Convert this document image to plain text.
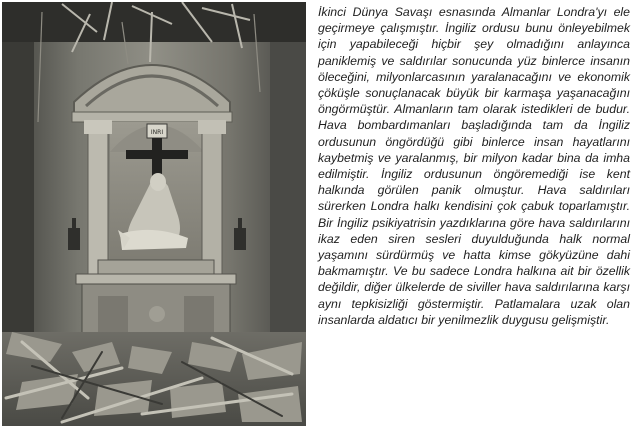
INRI

İkinci Dünya Savaşı esnasında Almanlar Londra'yı ele geçirmeye çalışmıştır. İngiliz ordusu bunu önleyebilmek için yapabileceği hiçbir şey olmadığını anlayınca paniklemiş ve saldırılar sonucunda yüz binlerce insanın öleceğini, milyonlarcasının yaralanacağını ve ekonomik çöküşle sonuçlanacak büyük bir karmaşa yaşanacağını öngörmüştür. Almanların tam olarak istedikleri de budur. Hava bombardımanları başladığında tam da İngiliz ordusunun öngördüğü gibi binlerce insan hayatlarını kaybetmiş ve yaralanmış, bir milyon kadar bina da imha edilmiştir. İngiliz ordusunun öngöremediği ise kent halkında görülen panik olmuştur. Hava saldırıları sürerken Londra halkı kendisini çok çabuk toparlamıştır. Bir İngiliz psikiyatrisin yazdıklarına göre hava saldırılarını ikaz eden siren sesleri duyulduğunda halk normal yaşamını sürdürmüş ve hatta kimse gökyüzüne dahi bakmamıştır. Ve bu sadece Londra halkına ait bir özellik değildir, diğer ülkelerde de siviller hava saldırılarına karşı aynı tepkisizliği göstermiştir. Patlamalara uzak olan insanlarda aldatıcı bir yenilmezlik duygusu gelişmiştir.
